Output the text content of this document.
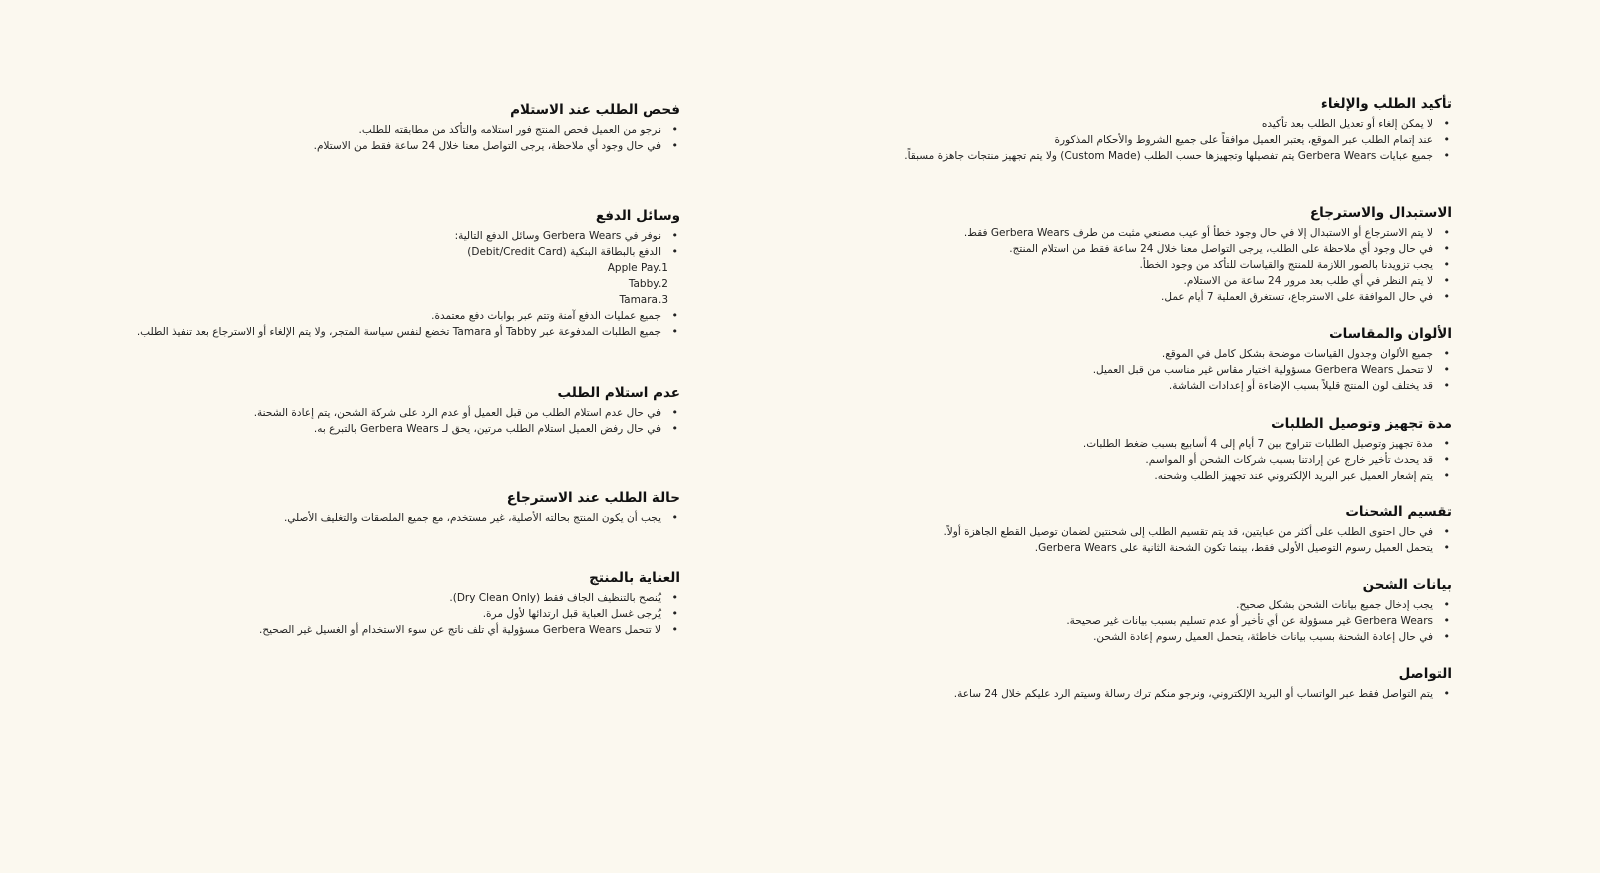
تأكيد الطلب والإلغاء
• لا يمكن إلغاء أو تعديل الطلب بعد تأكيده
• عند إتمام الطلب عبر الموقع، يعتبر العميل موافقاً على جميع الشروط والأحكام المذكورة
• جميع عبايات Gerbera Wears يتم تفصيلها وتجهيزها حسب الطلب (Custom Made) ولا يتم تجهيز منتجات جاهزة مسبقاً.
الاستبدال والاسترجاع
• لا يتم الاسترجاع أو الاستبدال إلا في حال وجود خطأ أو عيب مصنعي مثبت من طرف Gerbera Wears فقط.
• في حال وجود أي ملاحظة على الطلب، يرجى التواصل معنا خلال 24 ساعة فقط من استلام المنتج.
• يجب تزويدنا بالصور اللازمة للمنتج والقياسات للتأكد من وجود الخطأ.
• لا يتم النظر في أي طلب بعد مرور 24 ساعة من الاستلام.
• في حال الموافقة على الاسترجاع، تستغرق العملية 7 أيام عمل.
الألوان والمقاسات
• جميع الألوان وجدول القياسات موضحة بشكل كامل في الموقع.
• لا تتحمل Gerbera Wears مسؤولية اختيار مقاس غير مناسب من قبل العميل.
• قد يختلف لون المنتج قليلاً بسبب الإضاءة أو إعدادات الشاشة.
مدة تجهيز وتوصيل الطلبات
• مدة تجهيز وتوصيل الطلبات تتراوح بين 7 أيام إلى 4 أسابيع بسبب ضغط الطلبات.
• قد يحدث تأخير خارج عن إرادتنا بسبب شركات الشحن أو المواسم.
• يتم إشعار العميل عبر البريد الإلكتروني عند تجهيز الطلب وشحنه.
تقسيم الشحنات
• في حال احتوى الطلب على أكثر من عبايتين، قد يتم تقسيم الطلب إلى شحنتين لضمان توصيل القطع الجاهزة أولاً.
• يتحمل العميل رسوم التوصيل الأولى فقط، بينما تكون الشحنة الثانية على Gerbera Wears.
بيانات الشحن
• يجب إدخال جميع بيانات الشحن بشكل صحيح.
• Gerbera Wears غير مسؤولة عن أي تأخير أو عدم تسليم بسبب بيانات غير صحيحة.
• في حال إعادة الشحنة بسبب بيانات خاطئة، يتحمل العميل رسوم إعادة الشحن.
التواصل
• يتم التواصل فقط عبر الواتساب أو البريد الإلكتروني، ونرجو منكم ترك رسالة وسيتم الرد عليكم خلال 24 ساعة.
فحص الطلب عند الاستلام
• نرجو من العميل فحص المنتج فور استلامه والتأكد من مطابقته للطلب.
• في حال وجود أي ملاحظة، يرجى التواصل معنا خلال 24 ساعة فقط من الاستلام.
وسائل الدفع
• نوفر في Gerbera Wears وسائل الدفع التالية:
• الدفع بالبطاقة البنكية (Debit/Credit Card)
Apple Pay.1
Tabby.2
Tamara.3
• جميع عمليات الدفع آمنة وتتم عبر بوابات دفع معتمدة.
• جميع الطلبات المدفوعة عبر Tabby أو Tamara تخضع لنفس سياسة المتجر، ولا يتم الإلغاء أو الاسترجاع بعد تنفيذ الطلب.
عدم استلام الطلب
• في حال عدم استلام الطلب من قبل العميل أو عدم الرد على شركة الشحن، يتم إعادة الشحنة.
• في حال رفض العميل استلام الطلب مرتين، يحق لـ Gerbera Wears بالتبرع به.
حالة الطلب عند الاسترجاع
• يجب أن يكون المنتج بحالته الأصلية، غير مستخدم، مع جميع الملصقات والتغليف الأصلي.
العناية بالمنتج
• يُنصح بالتنظيف الجاف فقط (Dry Clean Only).
• يُرجى غسل العباية قبل ارتدائها لأول مرة.
• لا تتحمل Gerbera Wears مسؤولية أي تلف ناتج عن سوء الاستخدام أو الغسيل غير الصحيح.
